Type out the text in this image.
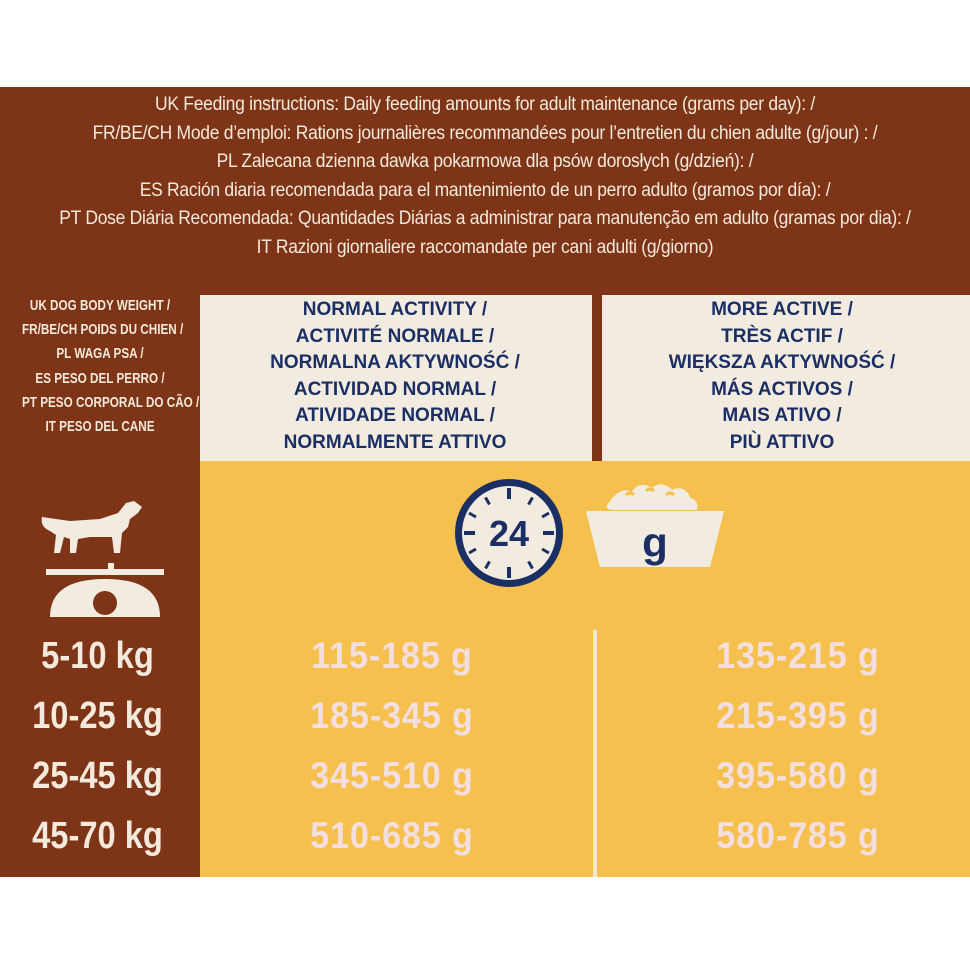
UK Feeding instructions: Daily feeding amounts for adult maintenance (grams per day): /
FR/BE/CH Mode d’emploi: Rations journalières recommandées pour l’entretien du chien adulte (g/jour) : /
PL Zalecana dzienna dawka pokarmowa dla psów dorosłych (g/dzień): /
ES Ración diaria recomendada para el mantenimiento de un perro adulto (gramos por día): /
PT Dose Diária Recomendada: Quantidades Diárias a administrar para manutenção em adulto (gramas por dia): /
IT Razioni giornaliere raccomandate per cani adulti (g/giorno)
UK DOG BODY WEIGHT /
FR/BE/CH POIDS DU CHIEN /
PL WAGA PSA /
ES PESO DEL PERRO /
PT PESO CORPORAL DO CÃO /
IT PESO DEL CANE
NORMAL ACTIVITY /
ACTIVITÉ NORMALE /
NORMALNA AKTYWNOŚĆ /
ACTIVIDAD NORMAL /
ATIVIDADE NORMAL /
NORMALMENTE ATTIVO
MORE ACTIVE /
TRÈS ACTIF /
WIĘKSZA AKTYWNOŚĆ /
MÁS ACTIVOS /
MAIS ATIVO /
PIÙ ATTIVO
24	g
5-10 kg
10-25 kg
25-45 kg
45-70 kg
115-185 g
185-345 g
345-510 g
510-685 g
135-215 g
215-395 g
395-580 g
580-785 g
